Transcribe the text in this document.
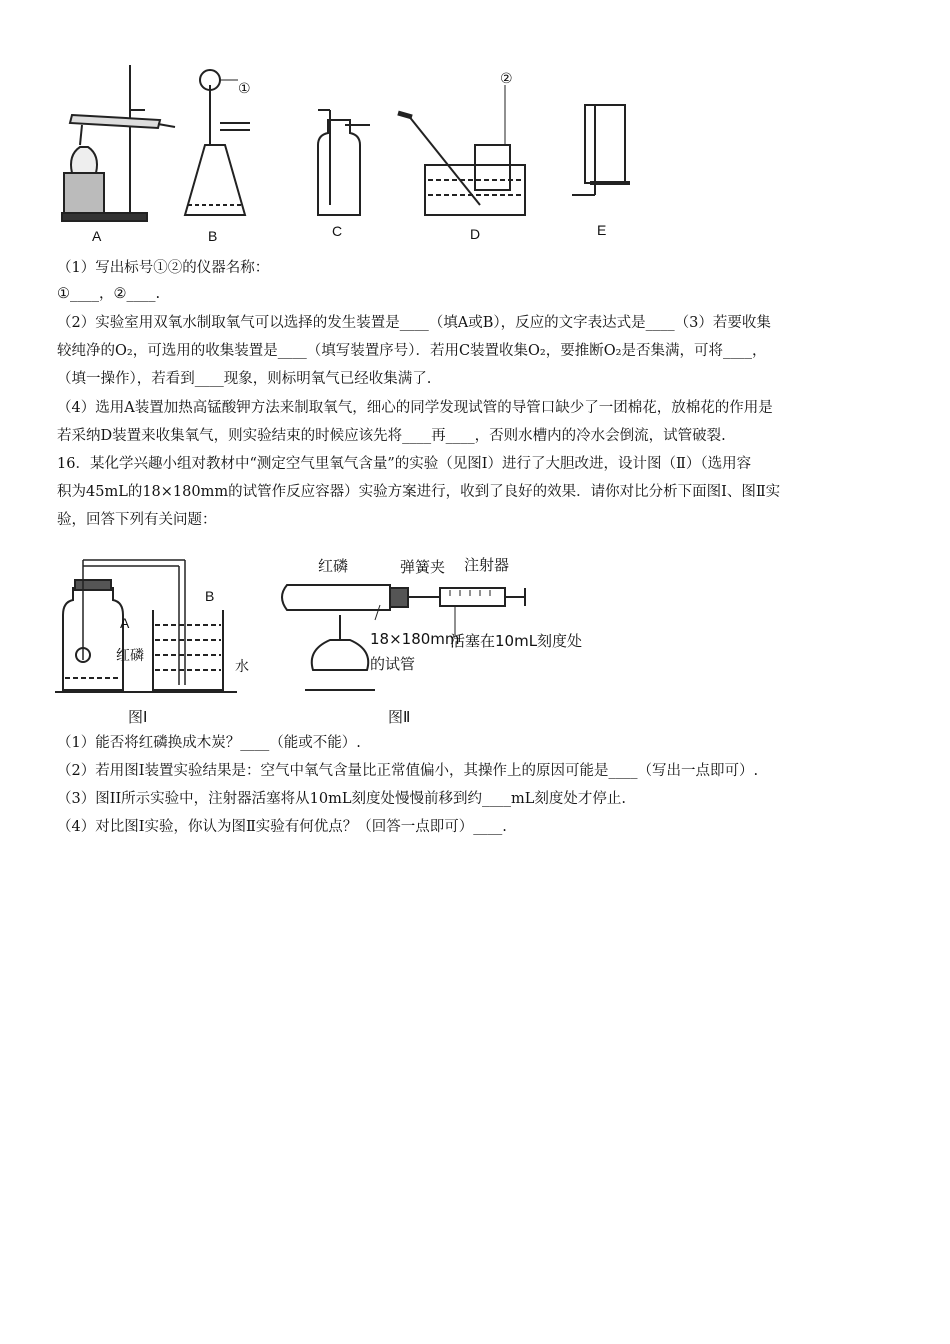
①
②
A	B	C	D	E
（1）写出标号①②的仪器名称：
①____，②____.
（2）实验室用双氧水制取氧气可以选择的发生装置是____（填A或B），反应的文字表达式是____（3）若要收集
较纯净的O₂，可选用的收集装置是____（填写装置序号）．若用C装置收集O₂，要推断O₂是否集满，可将____，
（填一操作），若看到____现象，则标明氧气已经收集满了.
（4）选用A装置加热高锰酸钾方法来制取氧气，细心的同学发现试管的导管口缺少了一团棉花，放棉花的作用是
若采纳D装置来收集氧气，则实验结束的时候应该先将____再____，否则水槽内的冷水会倒流，试管破裂.
16．某化学兴趣小组对教材中“测定空气里氧气含量”的实验（见图Ⅰ）进行了大胆改进，设计图（Ⅱ）（选用容
积为45mL的18×180mm的试管作反应容器）实验方案进行，收到了良好的效果．请你对比分析下面图Ⅰ、图Ⅱ实
验，回答下列有关问题：
A
B
红磷
水
图Ⅰ
红磷	弹簧夹 注射器
18×180mm
的试管
活塞在10mL刻度处
图Ⅱ
（1）能否将红磷换成木炭？____（能或不能）.
（2）若用图Ⅰ装置实验结果是：空气中氧气含量比正常值偏小，其操作上的原因可能是____（写出一点即可）.
（3）图II所示实验中，注射器活塞将从10mL刻度处慢慢前移到约____mL刻度处才停止.
（4）对比图Ⅰ实验，你认为图Ⅱ实验有何优点？（回答一点即可）____.
